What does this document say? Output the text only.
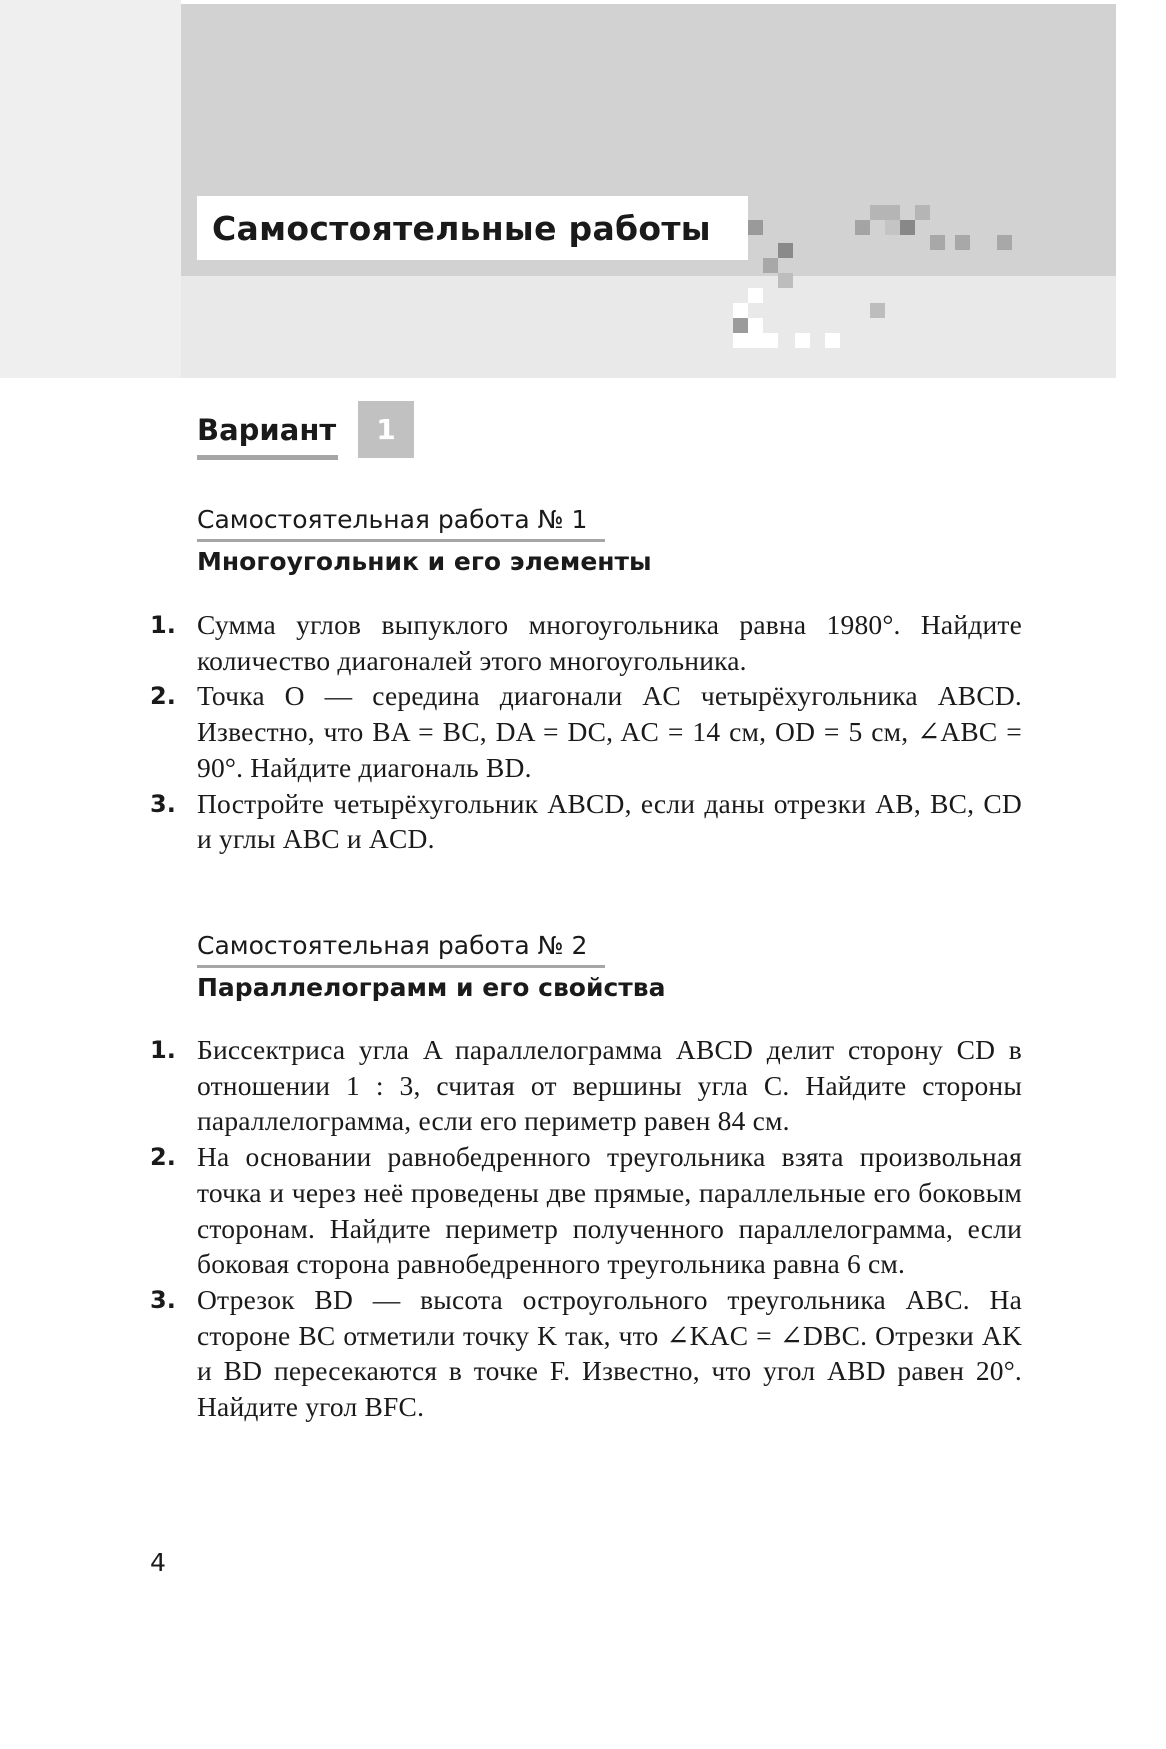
Самостоятельные работы
Вариант	1
Самостоятельная работа № 1
Многоугольник и его элементы
1. Сумма углов выпуклого многоугольника равна 1980°. Найдите количество диагоналей этого многоугольника.
2. Точка O — середина диагонали AC четырёхугольника ABCD. Известно, что BA = BC, DA = DC, AC = 14 см, OD = 5 см, ∠ABC = 90°. Найдите диагональ BD.
3. Постройте четырёхугольник ABCD, если даны отрезки AB, BC, CD и углы ABC и ACD.
Самостоятельная работа № 2
Параллелограмм и его свойства
1. Биссектриса угла A параллелограмма ABCD делит сторону CD в отношении 1 : 3, считая от вершины угла C. Найдите стороны параллелограмма, если его периметр равен 84 см.
2. На основании равнобедренного треугольника взята произвольная точка и через неё проведены две прямые, параллельные его боковым сторонам. Найдите периметр полученного параллелограмма, если боковая сторона равнобедренного треугольника равна 6 см.
3. Отрезок BD — высота остроугольного треугольника ABC. На стороне BC отметили точку K так, что ∠KAC = ∠DBC. Отрезки AK и BD пересекаются в точке F. Известно, что угол ABD равен 20°. Найдите угол BFC.
4
